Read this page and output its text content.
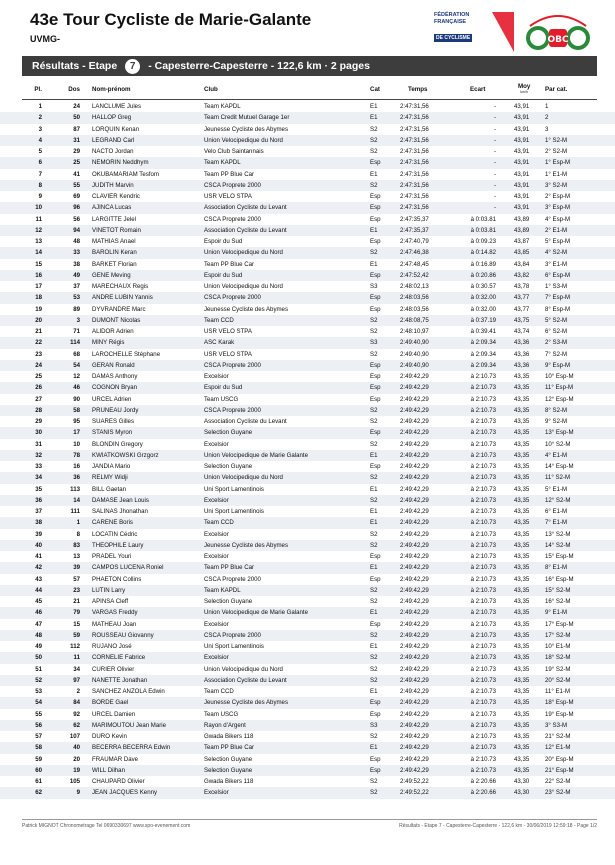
43e Tour Cycliste de Marie-Galante
UVMG-
FÉDÉRATION
FRANÇAISE
DE CYCLISME	OBC
Résultats - Etape	7	- Capesterre-Capesterre - 122,6 km · 2 pages
Pl.	Dos Nom-prénom	Club	Cat	Temps	Ecart	Moy
km/h	Par cat.
1	24 LANCLUME Jules	Team KAPDL	E1	2:47:31,56	-	43,91	1
2	50 HALLOP Greg	Team Credit Mutuel Garage 1er	E1	2:47:31,56	-	43,91	2
3	87 LORQUIN Kenan	Jeunesse Cycliste des Abymes	S2	2:47:31,56	-	43,91	3
4	31 LEGRAND Carl	Union Velocipedique du Nord	S2	2:47:31,56	-	43,91	1° S2-M
5	29 NACTO Jordan	Velo Club Saintannais	S2	2:47:31,56	-	43,91	2° S2-M
6	25 NEMORIN Neddhym	Team KAPDL	Esp	2:47:31,56	-	43,91	1° Esp-M
7	41 OKUBAMARIAM Tesfom	Team PP Blue Car	E1	2:47:31,56	-	43,91	1° E1-M
8	55 JUDITH Marvin	CSCA Proprete 2000	S2	2:47:31,56	-	43,91	3° S2-M
9	69 CLAVIER Kendric	USR VELO STPA	Esp	2:47:31,56	-	43,91	2° Esp-M
10	96 AJINCA Lucas	Association Cycliste du Levant	Esp	2:47:31,56	-	43,91	3° Esp-M
11	56 LARGITTE Jelel	CSCA Proprete 2000	Esp	2:47:35,37	à 0:03.81	43,89	4° Esp-M
12	94 VINETOT Romain	Association Cycliste du Levant	E1	2:47:35,37	à 0:03.81	43,89	2° E1-M
13	48 MATHIAS Anael	Espoir du Sud	Esp	2:47:40,79	à 0:09.23	43,87	5° Esp-M
14	33 BAROLIN Keran	Union Velocipedique du Nord	S2	2:47:46,38	à 0:14.82	43,85	4° S2-M
15	38 BARKET Florian	Team PP Blue Car	E1	2:47:48,45	à 0:16.89	43,84	3° E1-M
16	49 GENE Meving	Espoir du Sud	Esp	2:47:52,42	à 0:20.86	43,82	6° Esp-M
17	37 MARECHAUX Regis	Union Velocipedique du Nord	S3	2:48:02,13	à 0:30.57	43,78	1° S3-M
18	53 ANDRE LUBIN Yannis	CSCA Proprete 2000	Esp	2:48:03,56	à 0:32.00	43,77	7° Esp-M
19	89 DYVRANDRE Marc	Jeunesse Cycliste des Abymes	Esp	2:48:03,56	à 0:32.00	43,77	8° Esp-M
20	3 DUMONT Nicolas	Team CCD	S2	2:48:08,75	à 0:37.19	43,75	5° S2-M
21	71 ALIDOR Adrien	USR VELO STPA	S2	2:48:10,97	à 0:39.41	43,74	6° S2-M
22	114 MINY Régis	ASC Karak	S3	2:49:40,90	à 2:09.34	43,36	2° S3-M
23	68 LAROCHELLE Stéphane	USR VELO STPA	S2	2:49:40,90	à 2:09.34	43,36	7° S2-M
24	54 GERAN Ronald	CSCA Proprete 2000	Esp	2:49:40,90	à 2:09.34	43,36	9° Esp-M
25	12 DAMAS Anthony	Excelsior	Esp	2:49:42,29	à 2:10.73	43,35	10° Esp-M
26	46 COGNON Bryan	Espoir du Sud	Esp	2:49:42,29	à 2:10.73	43,35	11° Esp-M
27	90 URCEL Adrien	Team USCG	Esp	2:49:42,29	à 2:10.73	43,35	12° Esp-M
28	58 PRUNEAU Jordy	CSCA Proprete 2000	S2	2:49:42,29	à 2:10.73	43,35	8° S2-M
29	95 SUARES Gilles	Association Cycliste du Levant	S2	2:49:42,29	à 2:10.73	43,35	9° S2-M
30	17 STANIS Myron	Selection Guyane	Esp	2:49:42,29	à 2:10.73	43,35	13° Esp-M
31	10 BLONDIN Gregory	Excelsior	S2	2:49:42,29	à 2:10.73	43,35	10° S2-M
32	78 KWIATKOWSKI Grzgorz	Union Velocipedique de Marie Galante	E1	2:49:42,29	à 2:10.73	43,35	4° E1-M
33	16 JANDIA Mario	Selection Guyane	Esp	2:49:42,29	à 2:10.73	43,35	14° Esp-M
34	36 RELMY Widji	Union Velocipedique du Nord	S2	2:49:42,29	à 2:10.73	43,35	11° S2-M
35	113 BILL Gaetan	Uni Sport Lamentinois	E1	2:49:42,29	à 2:10.73	43,35	5° E1-M
36	14 DAMASE Jean Louis	Excelsior	S2	2:49:42,29	à 2:10.73	43,35	12° S2-M
37	111 SALINAS Jhonathan	Uni Sport Lamentinois	E1	2:49:42,29	à 2:10.73	43,35	6° E1-M
38	1 CARENE Boris	Team CCD	E1	2:49:42,29	à 2:10.73	43,35	7° E1-M
39	8 LOCATIN Cédric	Excelsior	S2	2:49:42,29	à 2:10.73	43,35	13° S2-M
40	83 THEOPHILE Laury	Jeunesse Cycliste des Abymes	S2	2:49:42,29	à 2:10.73	43,35	14° S2-M
41	13 PRADEL Youri	Excelsior	Esp	2:49:42,29	à 2:10.73	43,35	15° Esp-M
42	39 CAMPOS LUCENA Roniel	Team PP Blue Car	E1	2:49:42,29	à 2:10.73	43,35	8° E1-M
43	57 PHAETON Collins	CSCA Proprete 2000	Esp	2:49:42,29	à 2:10.73	43,35	16° Esp-M
44	23 LUTIN Larry	Team KAPDL	S2	2:49:42,29	à 2:10.73	43,35	15° S2-M
45	21 APINSA Cleff	Selection Guyane	S2	2:49:42,29	à 2:10.73	43,35	16° S2-M
46	79 VARGAS Freddy	Union Velocipedique de Marie Galante	E1	2:49:42,29	à 2:10.73	43,35	9° E1-M
47	15 MATHEAU Joan	Excelsior	Esp	2:49:42,29	à 2:10.73	43,35	17° Esp-M
48	59 ROUSSEAU Giovanny	CSCA Proprete 2000	S2	2:49:42,29	à 2:10.73	43,35	17° S2-M
49	112 RUJANO José	Uni Sport Lamentinois	E1	2:49:42,29	à 2:10.73	43,35	10° E1-M
50	11 CORNELIE Fabrice	Excelsior	S2	2:49:42,29	à 2:10.73	43,35	18° S2-M
51	34 CURIER Olivier	Union Velocipedique du Nord	S2	2:49:42,29	à 2:10.73	43,35	19° S2-M
52	97 NANETTE Jonathan	Association Cycliste du Levant	S2	2:49:42,29	à 2:10.73	43,35	20° S2-M
53	2 SANCHEZ ANZOLA Edwin	Team CCD	E1	2:49:42,29	à 2:10.73	43,35	11° E1-M
54	84 BORDE Gael	Jeunesse Cycliste des Abymes	Esp	2:49:42,29	à 2:10.73	43,35	18° Esp-M
55	92 URCEL Damien	Team USCG	Esp	2:49:42,29	à 2:10.73	43,35	19° Esp-M
56	62 MARIMOUTOU Jean Marie	Rayon d'Argent	S3	2:49:42,29	à 2:10.73	43,35	3° S3-M
57	107 DURO Kevin	Gwada Bikers 118	S2	2:49:42,29	à 2:10.73	43,35	21° S2-M
58	40 BECERRA BECERRA Edwin	Team PP Blue Car	E1	2:49:42,29	à 2:10.73	43,35	12° E1-M
59	20 FRAUMAR Dave	Selection Guyane	Esp	2:49:42,29	à 2:10.73	43,35	20° Esp-M
60	19 WILL Dilhan	Selection Guyane	Esp	2:49:42,29	à 2:10.73	43,35	21° Esp-M
61	105 CHAUPARD Olivier	Gwada Bikers 118	S2	2:49:52,22	à 2:20.66	43,30	22° S2-M
62	9 JEAN JACQUES Kenny	Excelsior	S2	2:49:52,22	à 2:20.66	43,30	23° S2-M
Patrick MIGNOT Chronometrage Tel 0690330697 www.spo-evenement.com	Résultats - Etape 7 - Capesterre-Capesterre - 122,6 km - 30/06/2019 12:59:18 - Page 1/2
